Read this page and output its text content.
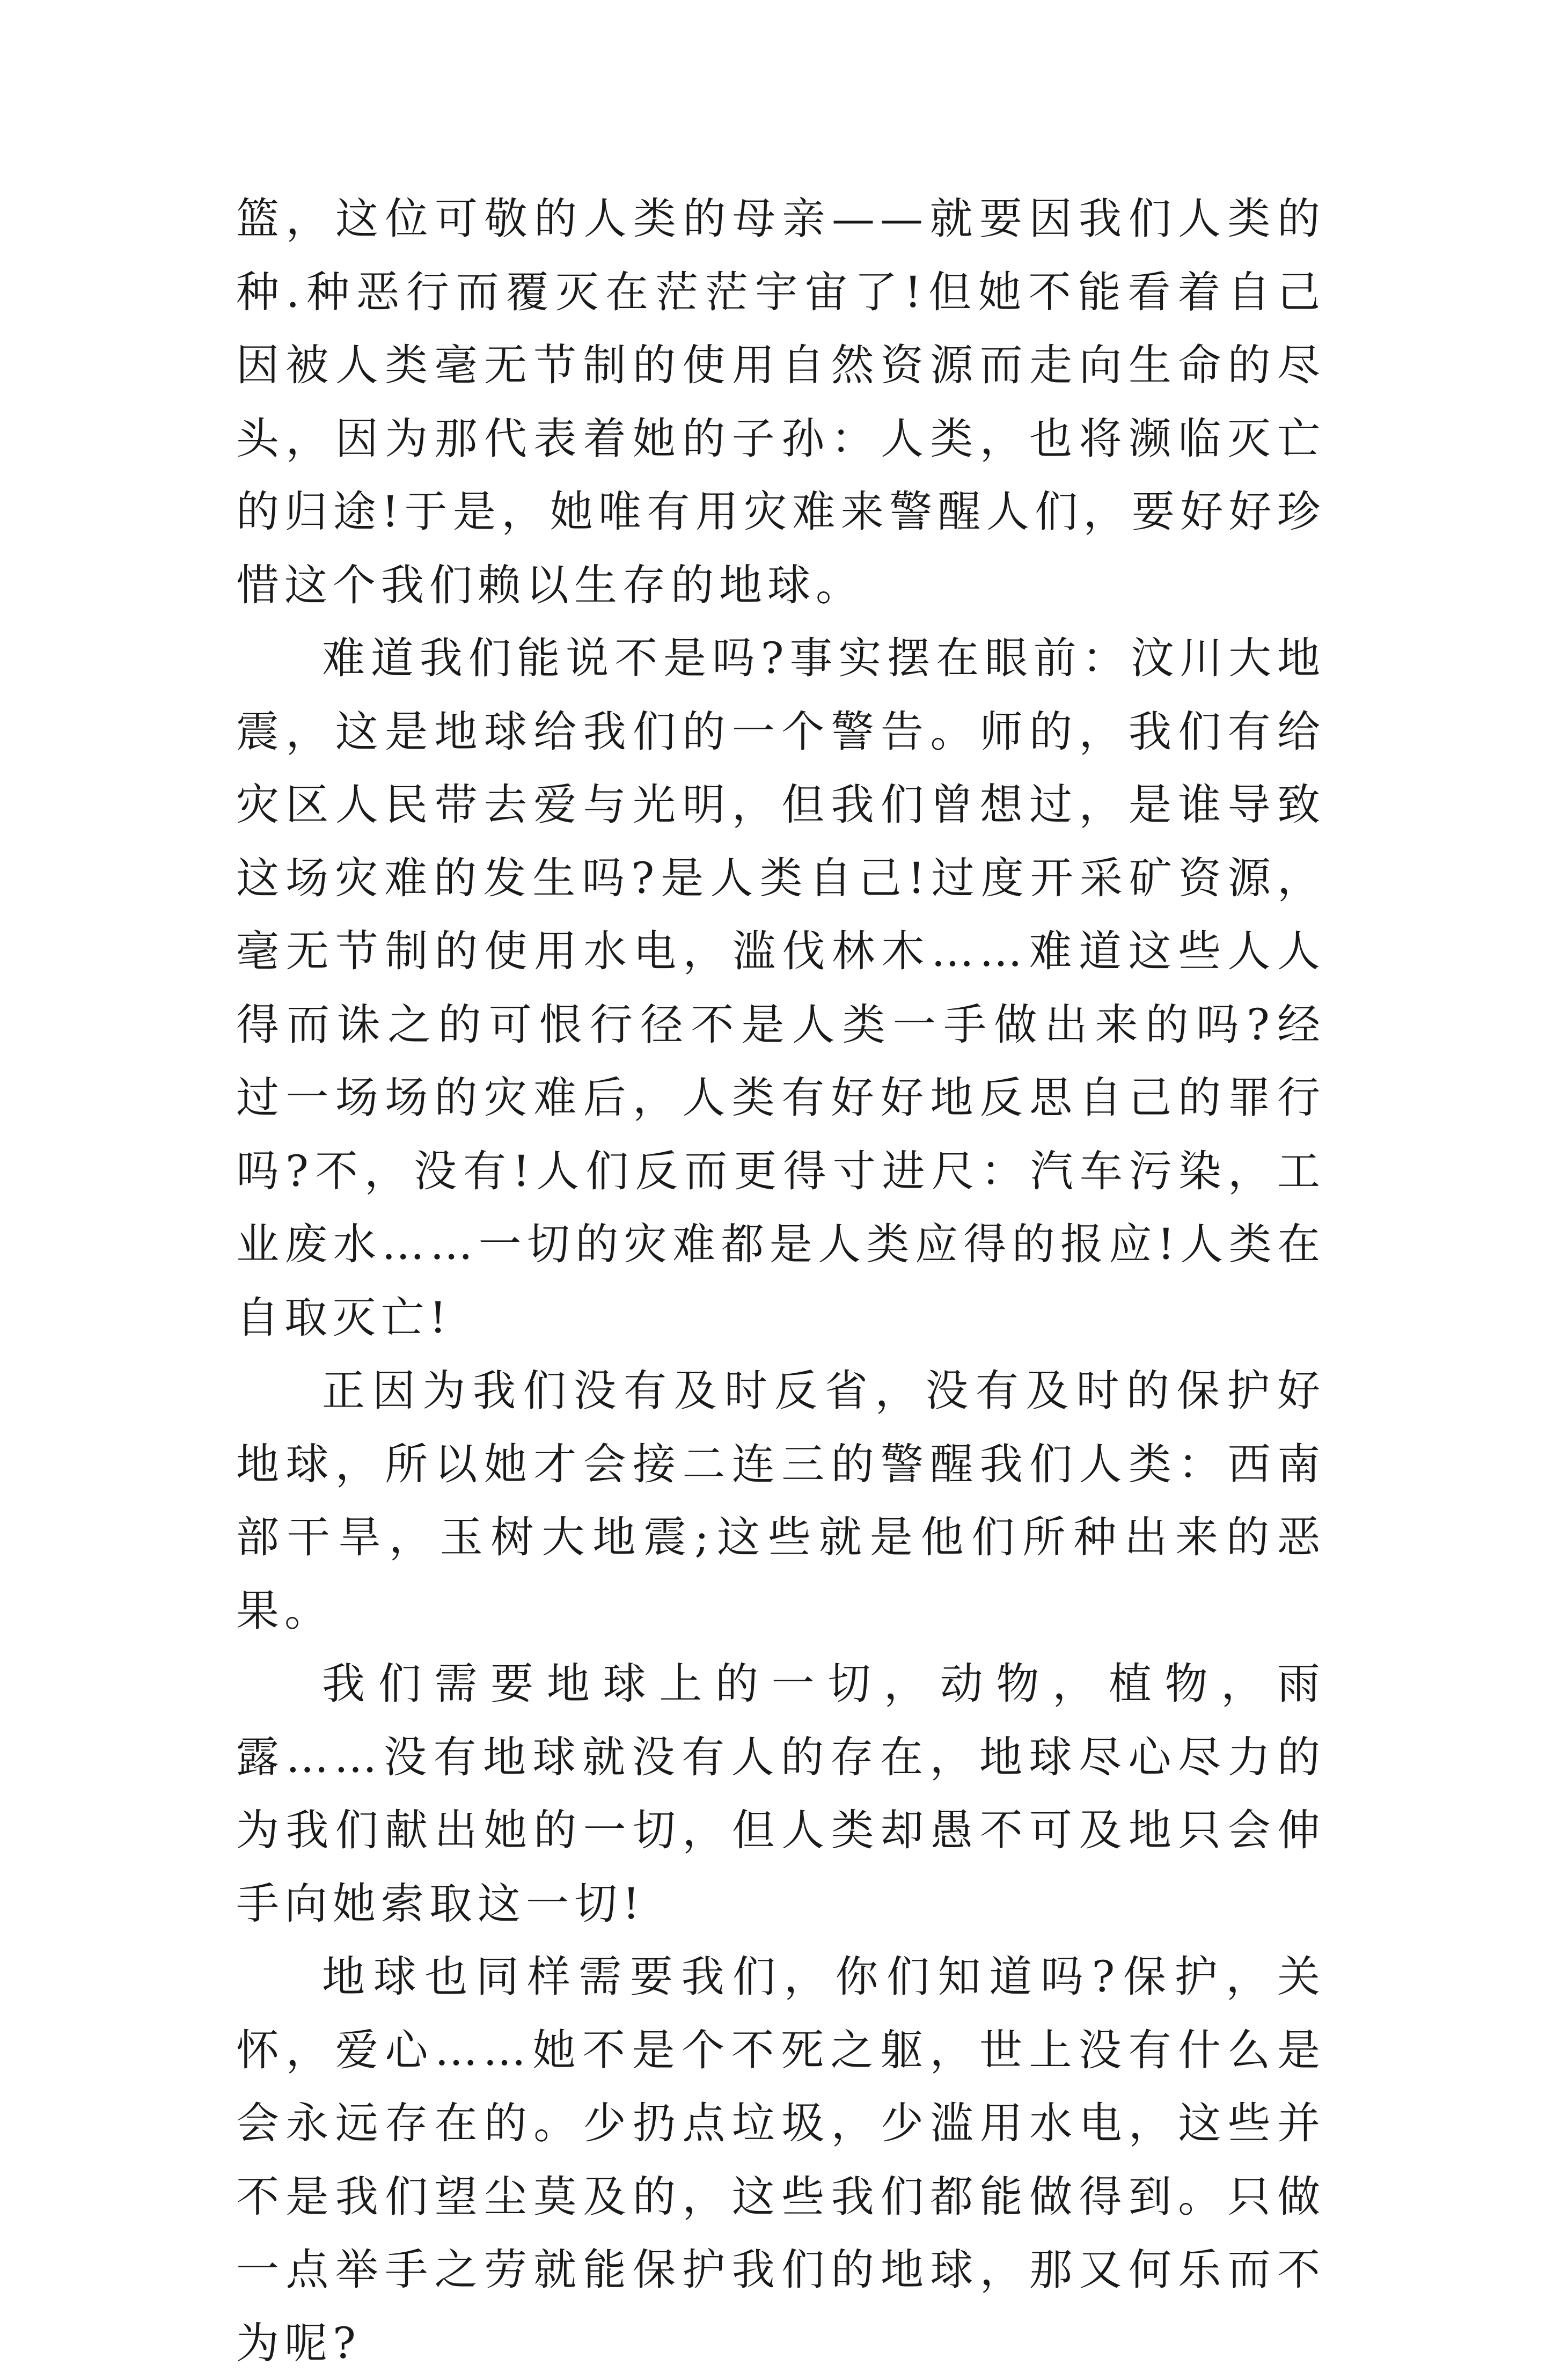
篮，这位可敬的人类的母亲——就要因我们人类的种.种恶行而覆灭在茫茫宇宙了!但她不能看着自己因被人类毫无节制的使用自然资源而走向生命的尽头，因为那代表着她的子孙：人类，也将濒临灭亡的归途!于是，她唯有用灾难来警醒人们，要好好珍惜这个我们赖以生存的地球。

难道我们能说不是吗?事实摆在眼前：汶川大地震，这是地球给我们的一个警告。师的，我们有给灾区人民带去爱与光明，但我们曾想过，是谁导致这场灾难的发生吗?是人类自己!过度开采矿资源，毫无节制的使用水电，滥伐林木……难道这些人人得而诛之的可恨行径不是人类一手做出来的吗?经过一场场的灾难后，人类有好好地反思自己的罪行吗?不，没有!人们反而更得寸进尺：汽车污染，工业废水……一切的灾难都是人类应得的报应!人类在自取灭亡!

正因为我们没有及时反省，没有及时的保护好地球，所以她才会接二连三的警醒我们人类：西南部干旱，玉树大地震;这些就是他们所种出来的恶果。

我们需要地球上的一切，动物，植物，雨露……没有地球就没有人的存在，地球尽心尽力的为我们献出她的一切，但人类却愚不可及地只会伸手向她索取这一切!

地球也同样需要我们，你们知道吗?保护，关怀，爱心……她不是个不死之躯，世上没有什么是会永远存在的。少扔点垃圾，少滥用水电，这些并不是我们望尘莫及的，这些我们都能做得到。只做一点举手之劳就能保护我们的地球，那又何乐而不为呢?
